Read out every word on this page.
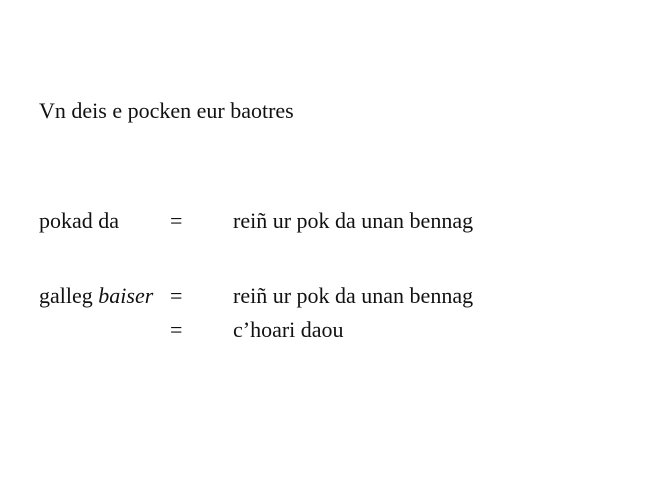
Vn deis e pocken eur baotres
pokad da = reiñ ur pok da unan bennag
galleg baiser = reiñ ur pok da unan bennag
= c’hoari daou
